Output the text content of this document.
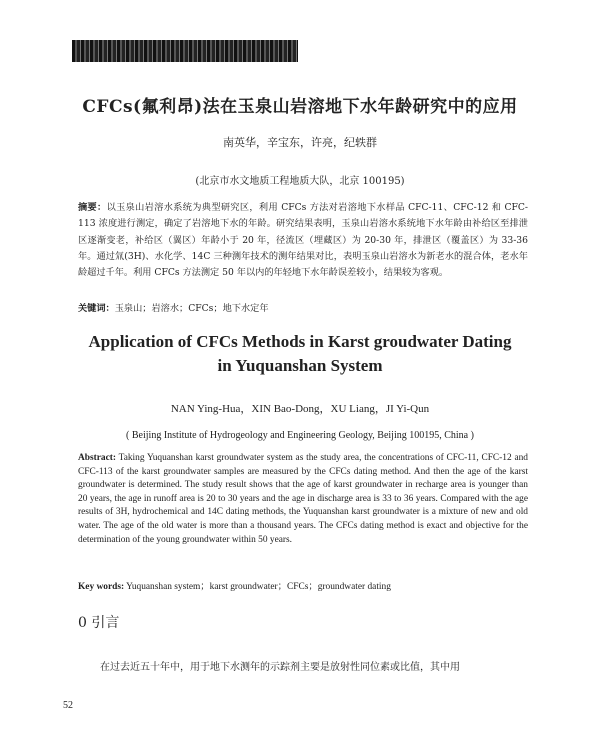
CFCs(氟利昂)法在玉泉山岩溶地下水年龄研究中的应用
南英华，辛宝东，许亮，纪轶群
(北京市水文地质工程地质大队，北京 100195)
摘要：以玉泉山岩溶水系统为典型研究区，利用 CFCs 方法对岩溶地下水样品 CFC-11、CFC-12 和 CFC-113 浓度进行测定，确定了岩溶地下水的年龄。研究结果表明，玉泉山岩溶水系统地下水年龄由补给区至排泄区逐渐变老，补给区（翼区）年龄小于 20 年，径流区（埋藏区）为 20-30 年，排泄区（覆盖区）为 33-36 年。通过氚(3H)、水化学、14C 三种测年技术的测年结果对比，表明玉泉山岩溶水为新老水的混合体，老水年龄超过千年。利用 CFCs 方法测定 50 年以内的年轻地下水年龄误差较小，结果较为客观。
关键词：玉泉山；岩溶水；CFCs；地下水定年
Application of CFCs Methods in Karst groudwater Dating
in Yuquanshan System
NAN Ying-Hua，XIN Bao-Dong，XU Liang，JI Yi-Qun
( Beijing Institute of Hydrogeology and Engineering Geology, Beijing 100195, China )
Abstract: Taking Yuquanshan karst groundwater system as the study area, the concentrations of CFC-11, CFC-12 and CFC-113 of the karst groundwater samples are measured by the CFCs dating method. And then the age of the karst groundwater is determined. The study result shows that the age of karst groundwater in recharge area is younger than 20 years, the age in runoff area is 20 to 30 years and the age in discharge area is 33 to 36 years. Compared with the age results of 3H, hydrochemical and 14C dating methods, the Yuquanshan karst groundwater is a mixture of new and old water. The age of the old water is more than a thousand years. The CFCs dating method is exact and objective for the determination of the young groundwater within 50 years.
Key words: Yuquanshan system；karst groundwater；CFCs；groundwater dating
0 引言
在过去近五十年中，用于地下水测年的示踪剂主要是放射性同位素或比值，其中用
52
